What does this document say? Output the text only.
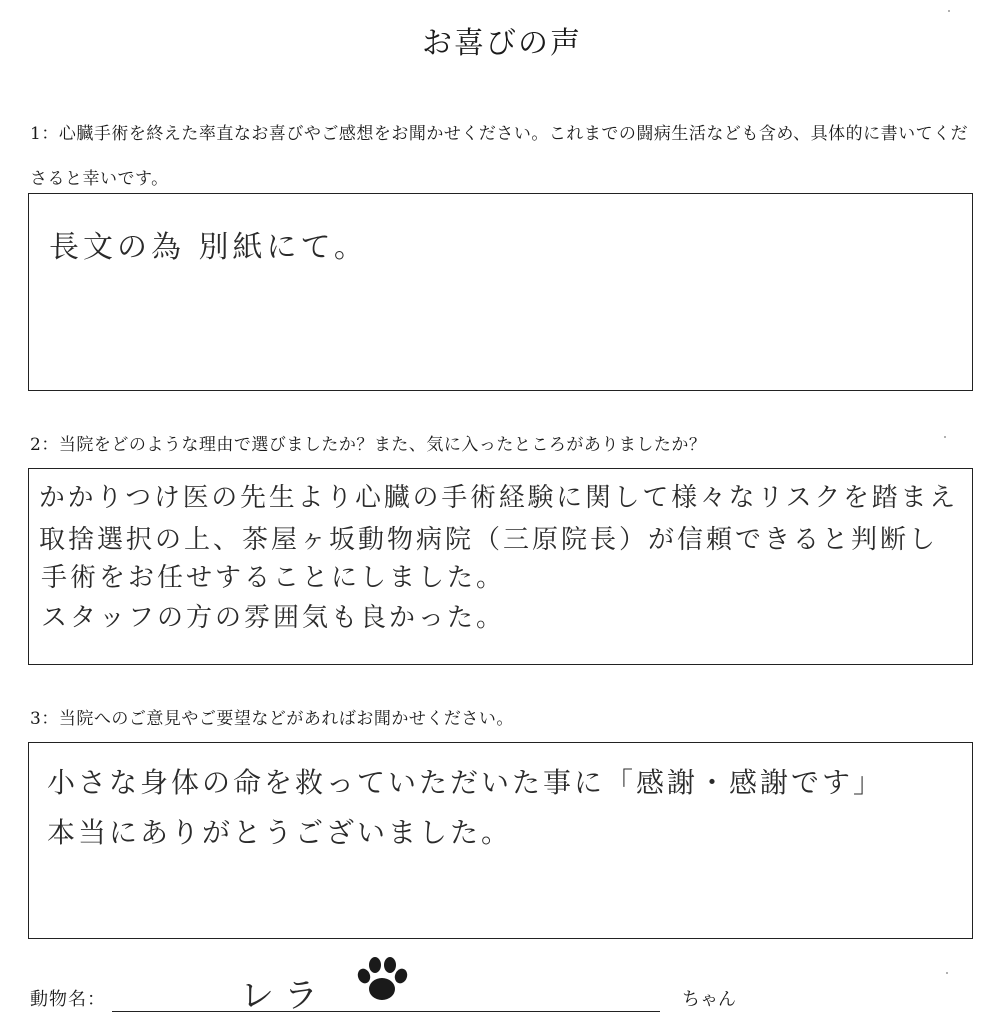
お喜びの声
1：心臓手術を終えた率直なお喜びやご感想をお聞かせください。これまでの闘病生活なども含め、具体的に書いてくださると幸いです。
長文の為 別紙にて。
2：当院をどのような理由で選びましたか？また、気に入ったところがありましたか？
かかりつけ医の先生より心臓の手術経験に関して様々なリスクを踏まえ
取捨選択の上、茶屋ヶ坂動物病院（三原院長）が信頼できると判断し
手術をお任せすることにしました。
スタッフの方の雰囲気も良かった。
3：当院へのご意見やご要望などがあればお聞かせください。
小さな身体の命を救っていただいた事に「感謝・感謝です」
本当にありがとうございました。
動物名：	レラ	ちゃん
